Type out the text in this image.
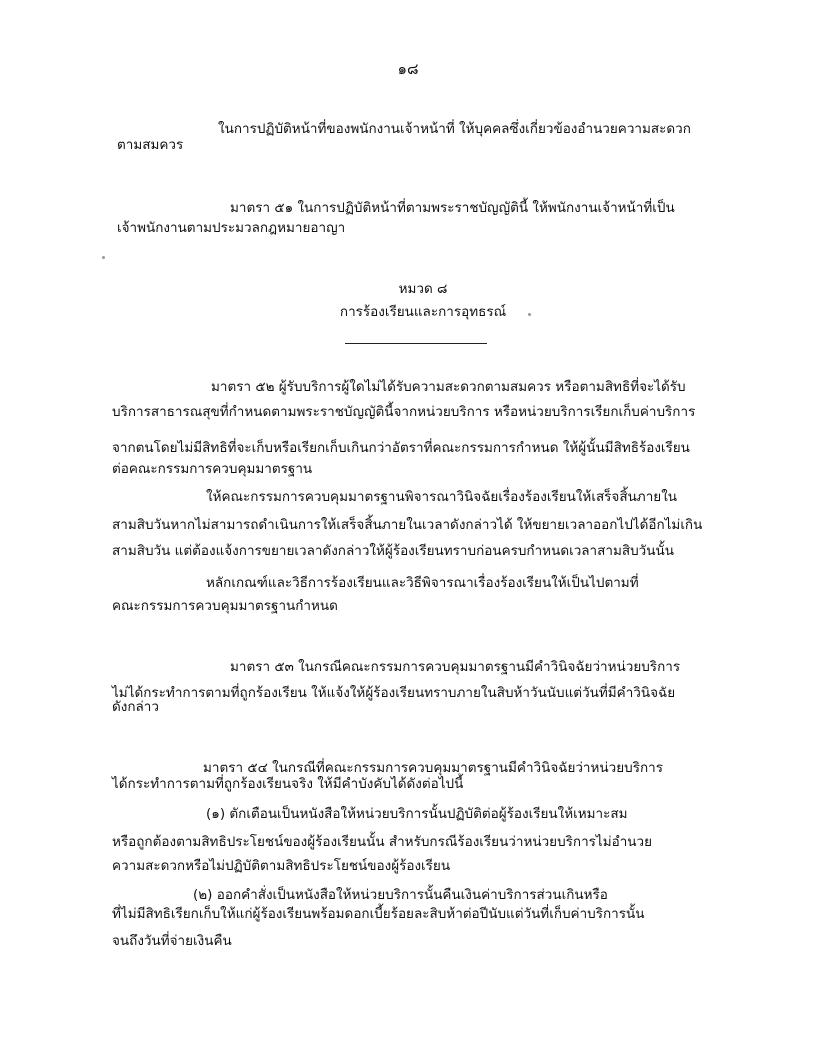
๑๘
ในการปฏิบัติหน้าที่ของพนักงานเจ้าหน้าที่ ให้บุคคลซึ่งเกี่ยวข้องอำนวยความสะดวก
ตามสมควร
มาตรา ๕๑ ในการปฏิบัติหน้าที่ตามพระราชบัญญัตินี้ ให้พนักงานเจ้าหน้าที่เป็น
เจ้าพนักงานตามประมวลกฎหมายอาญา
หมวด ๘
การร้องเรียนและการอุทธรณ์
มาตรา ๕๒ ผู้รับบริการผู้ใดไม่ได้รับความสะดวกตามสมควร หรือตามสิทธิที่จะได้รับ
บริการสาธารณสุขที่กำหนดตามพระราชบัญญัตินี้จากหน่วยบริการ หรือหน่วยบริการเรียกเก็บค่าบริการ
จากตนโดยไม่มีสิทธิที่จะเก็บหรือเรียกเก็บเกินกว่าอัตราที่คณะกรรมการกำหนด ให้ผู้นั้นมีสิทธิร้องเรียน
ต่อคณะกรรมการควบคุมมาตรฐาน
ให้คณะกรรมการควบคุมมาตรฐานพิจารณาวินิจฉัยเรื่องร้องเรียนให้เสร็จสิ้นภายใน
สามสิบวันหากไม่สามารถดำเนินการให้เสร็จสิ้นภายในเวลาดังกล่าวได้ ให้ขยายเวลาออกไปได้อีกไม่เกิน
สามสิบวัน แต่ต้องแจ้งการขยายเวลาดังกล่าวให้ผู้ร้องเรียนทราบก่อนครบกำหนดเวลาสามสิบวันนั้น
หลักเกณฑ์และวิธีการร้องเรียนและวิธีพิจารณาเรื่องร้องเรียนให้เป็นไปตามที่
คณะกรรมการควบคุมมาตรฐานกำหนด
มาตรา ๕๓ ในกรณีคณะกรรมการควบคุมมาตรฐานมีคำวินิจฉัยว่าหน่วยบริการ
ไม่ได้กระทำการตามที่ถูกร้องเรียน ให้แจ้งให้ผู้ร้องเรียนทราบภายในสิบห้าวันนับแต่วันที่มีคำวินิจฉัย
ดังกล่าว
มาตรา ๕๔ ในกรณีที่คณะกรรมการควบคุมมาตรฐานมีคำวินิจฉัยว่าหน่วยบริการ
ได้กระทำการตามที่ถูกร้องเรียนจริง ให้มีคำบังคับได้ดังต่อไปนี้
(๑) ตักเตือนเป็นหนังสือให้หน่วยบริการนั้นปฏิบัติต่อผู้ร้องเรียนให้เหมาะสม
หรือถูกต้องตามสิทธิประโยชน์ของผู้ร้องเรียนนั้น สำหรับกรณีร้องเรียนว่าหน่วยบริการไม่อำนวย
ความสะดวกหรือไม่ปฏิบัติตามสิทธิประโยชน์ของผู้ร้องเรียน
(๒) ออกคำสั่งเป็นหนังสือให้หน่วยบริการนั้นคืนเงินค่าบริการส่วนเกินหรือ
ที่ไม่มีสิทธิเรียกเก็บให้แก่ผู้ร้องเรียนพร้อมดอกเบี้ยร้อยละสิบห้าต่อปีนับแต่วันที่เก็บค่าบริการนั้น
จนถึงวันที่จ่ายเงินคืน
